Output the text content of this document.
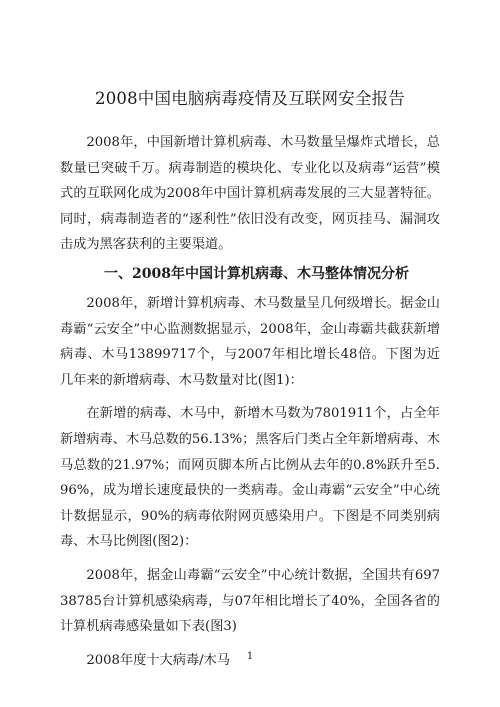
2008中国电脑病毒疫情及互联网安全报告

2008年，中国新增计算机病毒、木马数量呈爆炸式增长，总数量已突破千万。病毒制造的模块化、专业化以及病毒“运营”模式的互联网化成为2008年中国计算机病毒发展的三大显著特征。同时，病毒制造者的“逐利性”依旧没有改变，网页挂马、漏洞攻击成为黑客获利的主要渠道。

一、2008年中国计算机病毒、木马整体情况分析

2008年，新增计算机病毒、木马数量呈几何级增长。据金山毒霸“云安全”中心监测数据显示，2008年，金山毒霸共截获新增病毒、木马13899717个，与2007年相比增长48倍。下图为近几年来的新增病毒、木马数量对比(图1)：

在新增的病毒、木马中，新增木马数为7801911个，占全年新增病毒、木马总数的56.13%；黑客后门类占全年新增病毒、木马总数的21.97%；而网页脚本所占比例从去年的0.8%跃升至5.96%，成为增长速度最快的一类病毒。金山毒霸“云安全”中心统计数据显示，90%的病毒依附网页感染用户。下图是不同类别病毒、木马比例图(图2)：

2008年，据金山毒霸“云安全”中心统计数据，全国共有69738785台计算机感染病毒，与07年相比增长了40%，全国各省的计算机病毒感染量如下表(图3)

2008年度十大病毒/木马	1
